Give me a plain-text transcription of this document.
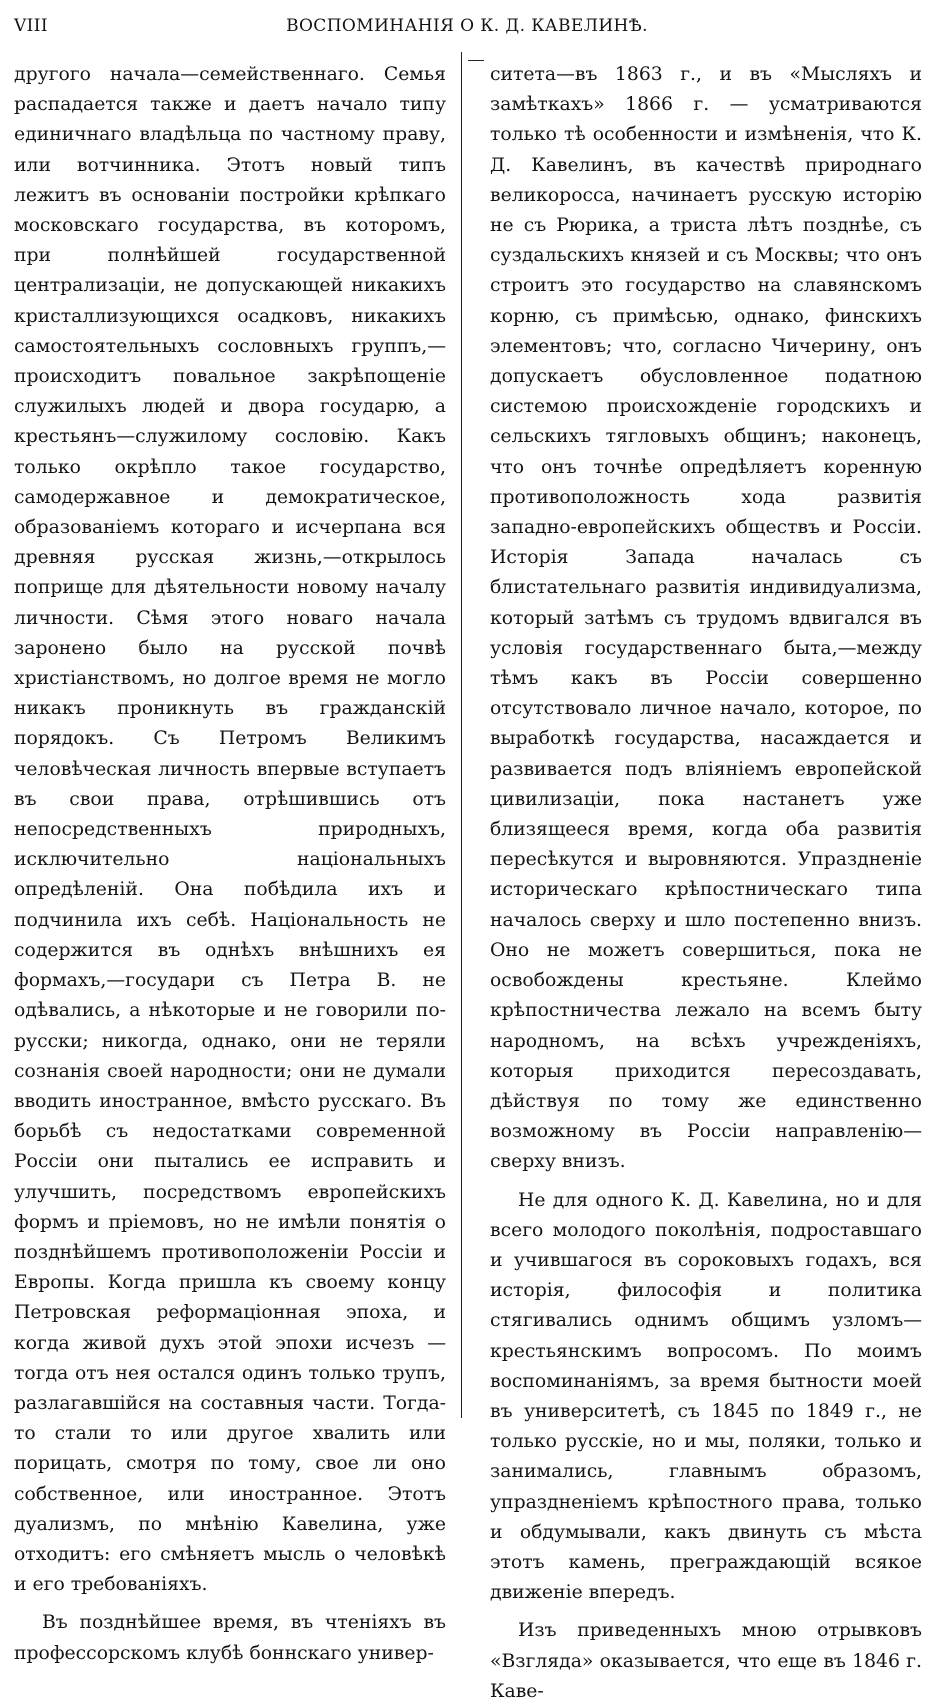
VIII	ВОСПОМИНАНІЯ О К. Д. КАВЕЛИНѢ.

другого начала—семейственнаго. Семья распадается также и даетъ начало типу единичнаго владѣльца по частному праву, или вотчинника. Этотъ новый типъ лежитъ въ основаніи постройки крѣпкаго московскаго государства, въ которомъ, при полнѣйшей государственной централизаціи, не допускающей никакихъ кристаллизующихся осадковъ, никакихъ самостоятельныхъ сословныхъ группъ,—происходитъ повальное закрѣпощеніе служилыхъ людей и двора государю, а крестьянъ—служилому сословію. Какъ только окрѣпло такое государство, самодержавное и демократическое, образованіемъ котораго и исчерпана вся древняя русская жизнь,—открылось поприще для дѣятельности новому началу личности. Сѣмя этого новаго начала заронено было на русской почвѣ христіанствомъ, но долгое время не могло никакъ проникнуть въ гражданскій порядокъ. Съ Петромъ Великимъ человѣческая личность впервые вступаетъ въ свои права, отрѣшившись отъ непосредственныхъ природныхъ, исключительно національныхъ опредѣленій. Она побѣдила ихъ и подчинила ихъ себѣ. Національность не содержится въ однѣхъ внѣшнихъ ея формахъ,—государи съ Петра В. не одѣвались, а нѣкоторые и не говорили по-русски; никогда, однако, они не теряли сознанія своей народности; они не думали вводить иностранное, вмѣсто русскаго. Въ борьбѣ съ недостатками современной Россіи они пытались ее исправить и улучшить, посредствомъ европейскихъ формъ и пріемовъ, но не имѣли понятія о позднѣйшемъ противоположеніи Россіи и Европы. Когда пришла къ своему концу Петровская реформаціонная эпоха, и когда живой духъ этой эпохи исчезъ —тогда отъ нея остался одинъ только трупъ, разлагавшійся на составныя части. Тогда-то стали то или другое хвалить или порицать, смотря по тому, свое ли оно собственное, или иностранное. Этотъ дуализмъ, по мнѣнію Кавелина, уже отходитъ: его смѣняетъ мысль о человѣкѣ и его требованіяхъ.

Въ позднѣйшее время, въ чтеніяхъ въ профессорскомъ клубѣ боннскаго универ-

ситета—въ 1863 г., и въ «Мысляхъ и замѣткахъ» 1866 г. — усматриваются только тѣ особенности и измѣненія, что К. Д. Кавелинъ, въ качествѣ природнаго великоросса, начинаетъ русскую исторію не съ Рюрика, а триста лѣтъ позднѣе, съ суздальскихъ князей и съ Москвы; что онъ строитъ это государство на славянскомъ корню, съ примѣсью, однако, финскихъ элементовъ; что, согласно Чичерину, онъ допускаетъ обусловленное податною системою происхожденіе городскихъ и сельскихъ тягловыхъ общинъ; наконецъ, что онъ точнѣе опредѣляетъ коренную противоположность хода развитія западно-европейскихъ обществъ и Россіи. Исторія Запада началась съ блистательнаго развитія индивидуализма, который затѣмъ съ трудомъ вдвигался въ условія государственнаго быта,—между тѣмъ какъ въ Россіи совершенно отсутствовало личное начало, которое, по выработкѣ государства, насаждается и развивается подъ вліяніемъ европейской цивилизаціи, пока настанетъ уже близящееся время, когда оба развитія пересѣкутся и выровняются. Упраздненіе историческаго крѣпостническаго типа началось сверху и шло постепенно внизъ. Оно не можетъ совершиться, пока не освобождены крестьяне. Клеймо крѣпостничества лежало на всемъ быту народномъ, на всѣхъ учрежденіяхъ, которыя приходится пересоздавать, дѣйствуя по тому же единственно возможному въ Россіи направленію—сверху внизъ.

Не для одного К. Д. Кавелина, но и для всего молодого поколѣнія, подроставшаго и учившагося въ сороковыхъ годахъ, вся исторія, философія и политика стягивались однимъ общимъ узломъ—крестьянскимъ вопросомъ. По моимъ воспоминаніямъ, за время бытности моей въ университетѣ, съ 1845 по 1849 г., не только русскіе, но и мы, поляки, только и занимались, главнымъ образомъ, упраздненіемъ крѣпостного права, только и обдумывали, какъ двинуть съ мѣста этотъ камень, преграждающій всякое движеніе впередъ.

Изъ приведенныхъ мною отрывковъ «Взгляда» оказывается, что еще въ 1846 г. Кавe-
